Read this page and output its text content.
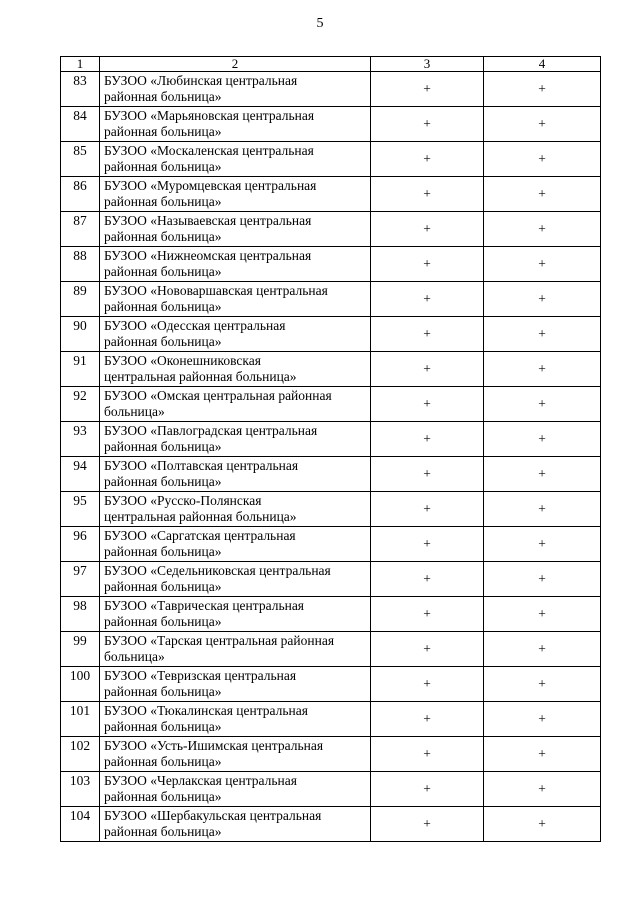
5
1	2	3	4
83	БУЗОО «Любинская центральная
районная больница»	+	+
84	БУЗОО «Марьяновская центральная
районная больница»	+	+
85	БУЗОО «Москаленская центральная
районная больница»	+	+
86	БУЗОО «Муромцевская центральная
районная больница»	+	+
87	БУЗОО «Называевская центральная
районная больница»	+	+
88	БУЗОО «Нижнеомская центральная
районная больница»	+	+
89	БУЗОО «Нововаршавская центральная
районная больница»	+	+
90	БУЗОО «Одесская центральная
районная больница»	+	+
91	БУЗОО «Оконешниковская
центральная районная больница»	+	+
92	БУЗОО «Омская центральная районная
больница»	+	+
93	БУЗОО «Павлоградская центральная
районная больница»	+	+
94	БУЗОО «Полтавская центральная
районная больница»	+	+
95	БУЗОО «Русско-Полянская
центральная районная больница»	+	+
96	БУЗОО «Саргатская центральная
районная больница»	+	+
97	БУЗОО «Седельниковская центральная
районная больница»	+	+
98	БУЗОО «Таврическая центральная
районная больница»	+	+
99	БУЗОО «Тарская центральная районная
больница»	+	+
100	БУЗОО «Тевризская центральная
районная больница»	+	+
101	БУЗОО «Тюкалинская центральная
районная больница»	+	+
102	БУЗОО «Усть-Ишимская центральная
районная больница»	+	+
103	БУЗОО «Черлакская центральная
районная больница»	+	+
104	БУЗОО «Шербакульская центральная
районная больница»	+	+
